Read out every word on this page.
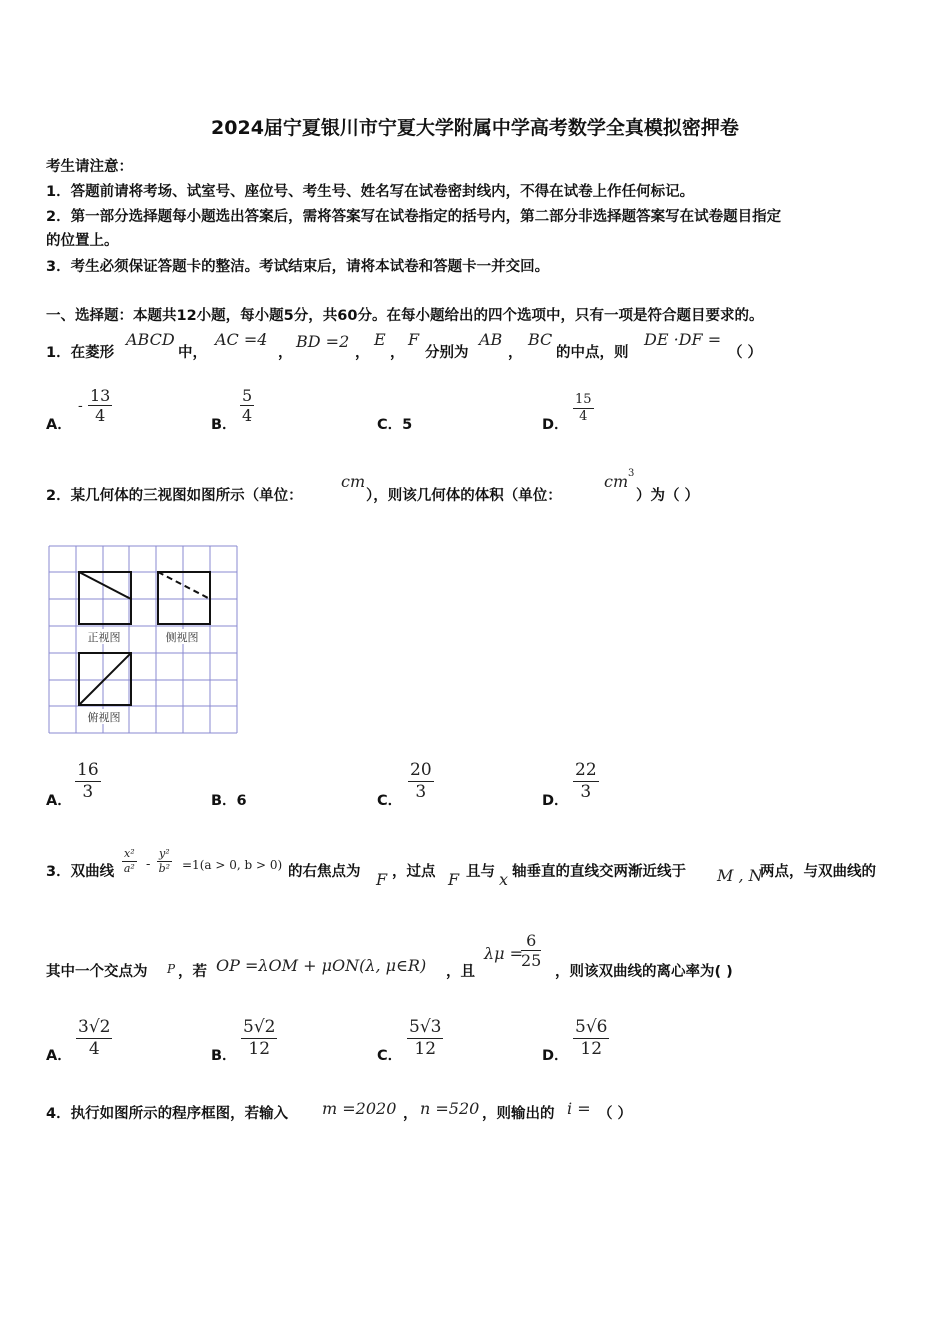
2024届宁夏银川市宁夏大学附属中学高考数学全真模拟密押卷
考生请注意：
1．答题前请将考场、试室号、座位号、考生号、姓名写在试卷密封线内，不得在试卷上作任何标记。
2．第一部分选择题每小题选出答案后，需将答案写在试卷指定的括号内，第二部分非选择题答案写在试卷题目指定
的位置上。
3．考生必须保证答题卡的整洁。考试结束后，请将本试卷和答题卡一并交回。
一、选择题：本题共12小题，每小题5分，共60分。在每小题给出的四个选项中，只有一项是符合题目要求的。
1．在菱形
ABCD
中，
AC =4
，
BD =2
，
E
，
F
分别为
AB
，
BC
的中点，则
DE ·DF =
（ ）
A．
- $\frac{13}{4}$	B． $\frac{5}{4}$	C．5	D．
$\frac{15}{4}$
2．某几何体的三视图如图所示（单位：
cm
），则该几何体的体积（单位：
cm 3
）为（ ）
正视图	侧视图
俯视图
A． $\frac{16}{3}$	B．6	C． $\frac{20}{3}$	D． $\frac{22}{3}$
3．双曲线 $\frac{\text{x²}}{\text{a²}} - \frac{\text{y²}}{\text{b²}} =1(a > 0$, b > 0) 的右焦点为 F ，过点 F 且与 x 轴垂直的直线交两渐近线于 M , N
两点，与双曲线的
其中一个交点为 P ，若 OP =λOM + μON(λ, μ∈R) ，且
λμ =
$\frac{6}{25}$
，则该双曲线的离心率为( )
A． $\frac{3√2}{4}$	B． $\frac{5√2}{12}$	C． $\frac{5√3}{12}$	D． $\frac{5√6}{12}$
4．执行如图所示的程序框图，若输入 m =2020 ， n =520 ，则输出的 i = （ ）
